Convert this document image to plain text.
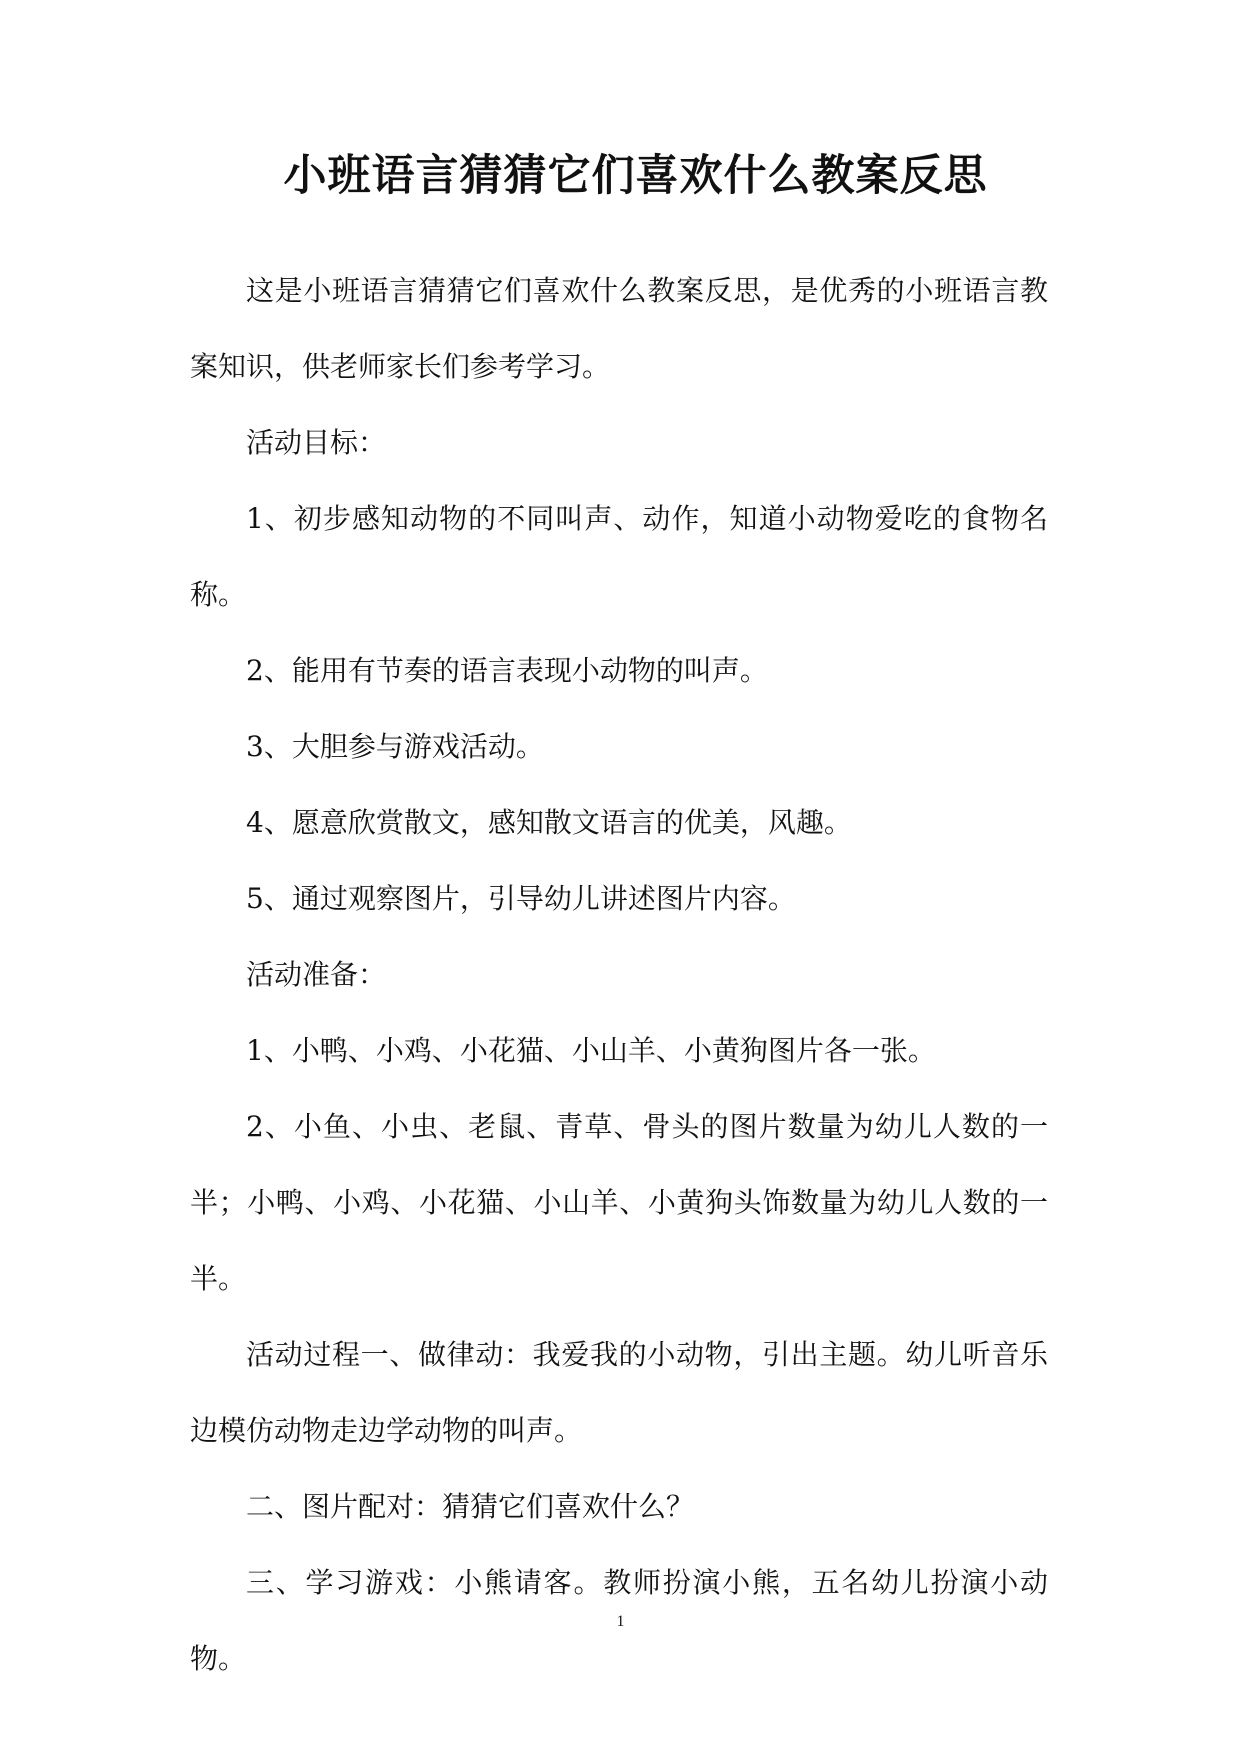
小班语言猜猜它们喜欢什么教案反思

这是小班语言猜猜它们喜欢什么教案反思，是优秀的小班语言教案知识，供老师家长们参考学习。

活动目标：

1、初步感知动物的不同叫声、动作，知道小动物爱吃的食物名称。

2、能用有节奏的语言表现小动物的叫声。

3、大胆参与游戏活动。

4、愿意欣赏散文，感知散文语言的优美，风趣。

5、通过观察图片，引导幼儿讲述图片内容。

活动准备：

1、小鸭、小鸡、小花猫、小山羊、小黄狗图片各一张。

2、小鱼、小虫、老鼠、青草、骨头的图片数量为幼儿人数的一半；小鸭、小鸡、小花猫、小山羊、小黄狗头饰数量为幼儿人数的一半。

活动过程一、做律动：我爱我的小动物，引出主题。幼儿听音乐边模仿动物走边学动物的叫声。

二、图片配对：猜猜它们喜欢什么？

三、学习游戏：小熊请客。教师扮演小熊，五名幼儿扮演小动物。

1
